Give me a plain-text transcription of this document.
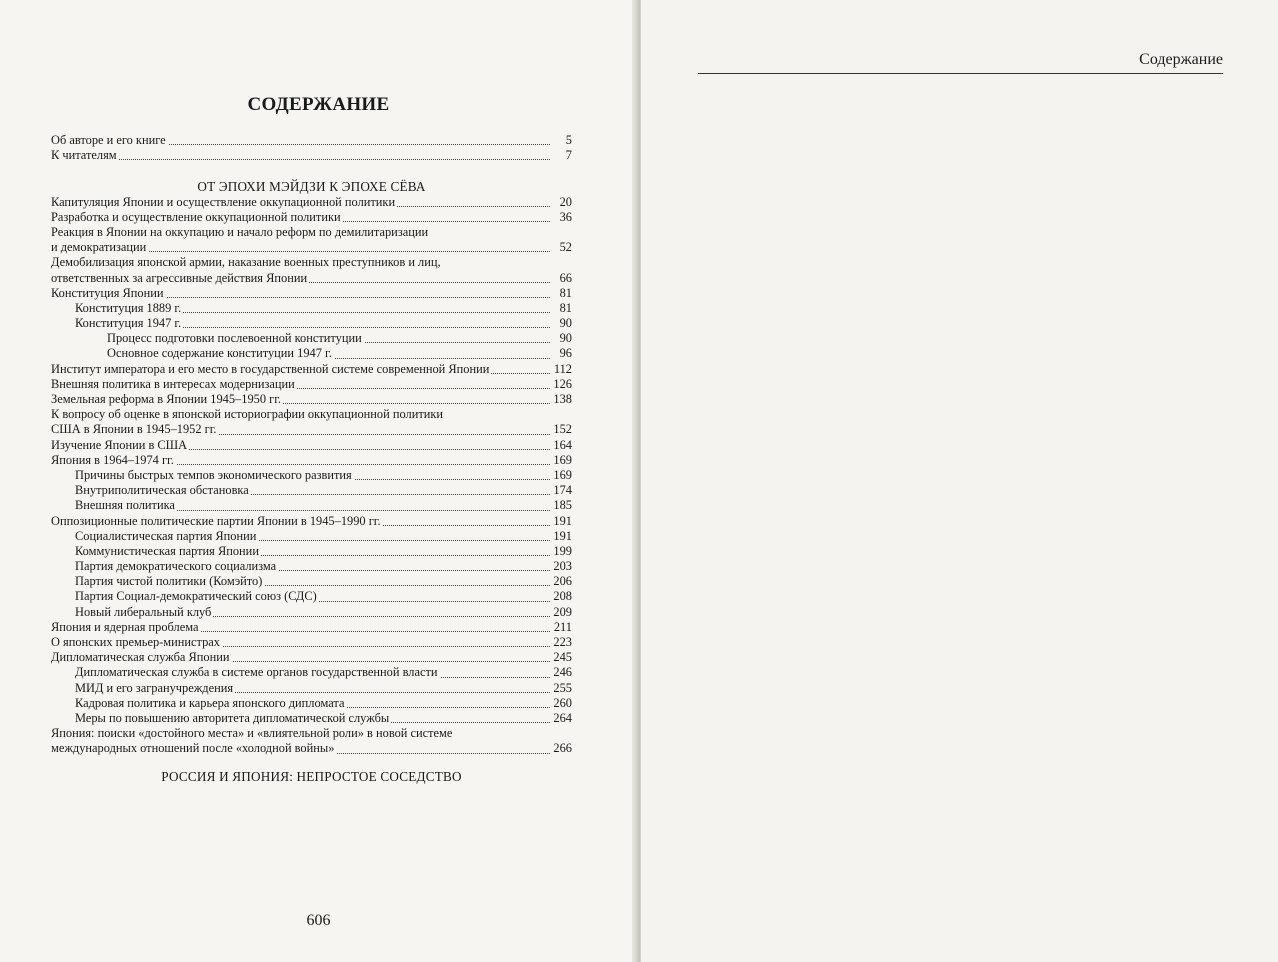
СОДЕРЖАНИЕ
Об авторе и его книге	5
К читателям	7
ОТ ЭПОХИ МЭЙДЗИ К ЭПОХЕ СЁВА
Капитуляция Японии и осуществление оккупационной политики	20
Разработка и осуществление оккупационной политики	36
Реакция в Японии на оккупацию и начало реформ по демилитаризации
и демократизации	52
Демобилизация японской армии, наказание военных преступников и лиц,
ответственных за агрессивные действия Японии	66
Конституция Японии	81
Конституция 1889 г.	81
Конституция 1947 г.	90
Процесс подготовки послевоенной конституции	90
Основное содержание конституции 1947 г.	96
Институт императора и его место в государственной системе современной Японии	112
Внешняя политика в интересах модернизации	126
Земельная реформа в Японии 1945–1950 гг.	138
К вопросу об оценке в японской историографии оккупационной политики
США в Японии в 1945–1952 гг.	152
Изучение Японии в США	164
Япония в 1964–1974 гг.	169
Причины быстрых темпов экономического развития	169
Внутриполитическая обстановка	174
Внешняя политика	185
Оппозиционные политические партии Японии в 1945–1990 гг.	191
Социалистическая партия Японии	191
Коммунистическая партия Японии	199
Партия демократического социализма	203
Партия чистой политики (Комэйто)	206
Партия Социал-демократический союз (СДС)	208
Новый либеральный клуб	209
Япония и ядерная проблема	211
О японских премьер-министрах	223
Дипломатическая служба Японии	245
Дипломатическая служба в системе органов государственной власти	246
МИД и его загранучреждения	255
Кадровая политика и карьера японского дипломата	260
Меры по повышению авторитета дипломатической службы	264
Япония: поиски «достойного места» и «влиятельной роли» в новой системе
международных отношений после «холодной войны»	266
РОССИЯ И ЯПОНИЯ: НЕПРОСТОЕ СОСЕДСТВО
606
Содержание
